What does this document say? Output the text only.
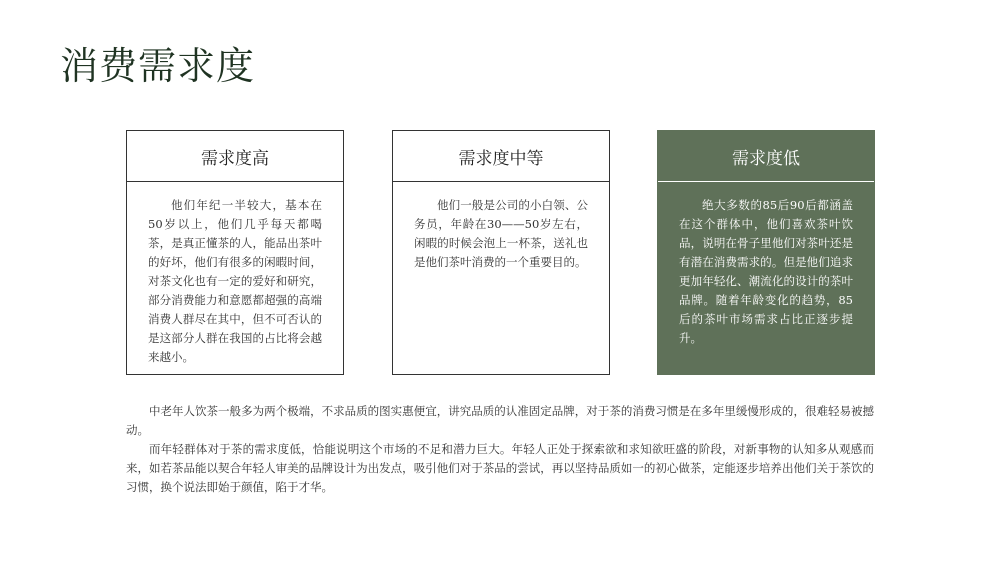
消费需求度
需求度高
他们年纪一半较大，基本在50岁以上，他们几乎每天都喝茶，是真正懂茶的人，能品出茶叶的好坏，他们有很多的闲暇时间，对茶文化也有一定的爱好和研究，部分消费能力和意愿都超强的高端消费人群尽在其中，但不可否认的是这部分人群在我国的占比将会越来越小。
需求度中等
他们一般是公司的小白领、公务员，年龄在30——50岁左右，闲暇的时候会泡上一杯茶，送礼也是他们茶叶消费的一个重要目的。
需求度低
绝大多数的85后90后都涵盖在这个群体中，他们喜欢茶叶饮品，说明在骨子里他们对茶叶还是有潜在消费需求的。但是他们追求更加年轻化、潮流化的设计的茶叶品牌。随着年龄变化的趋势，85后的茶叶市场需求占比正逐步提升。

中老年人饮茶一般多为两个极端，不求品质的图实惠便宜，讲究品质的认准固定品牌，对于茶的消费习惯是在多年里缓慢形成的，很难轻易被撼动。

而年轻群体对于茶的需求度低，恰能说明这个市场的不足和潜力巨大。年轻人正处于探索欲和求知欲旺盛的阶段，对新事物的认知多从观感而来，如若茶品能以契合年轻人审美的品牌设计为出发点，吸引他们对于茶品的尝试，再以坚持品质如一的初心做茶，定能逐步培养出他们关于茶饮的习惯，换个说法即始于颜值，陷于才华。
